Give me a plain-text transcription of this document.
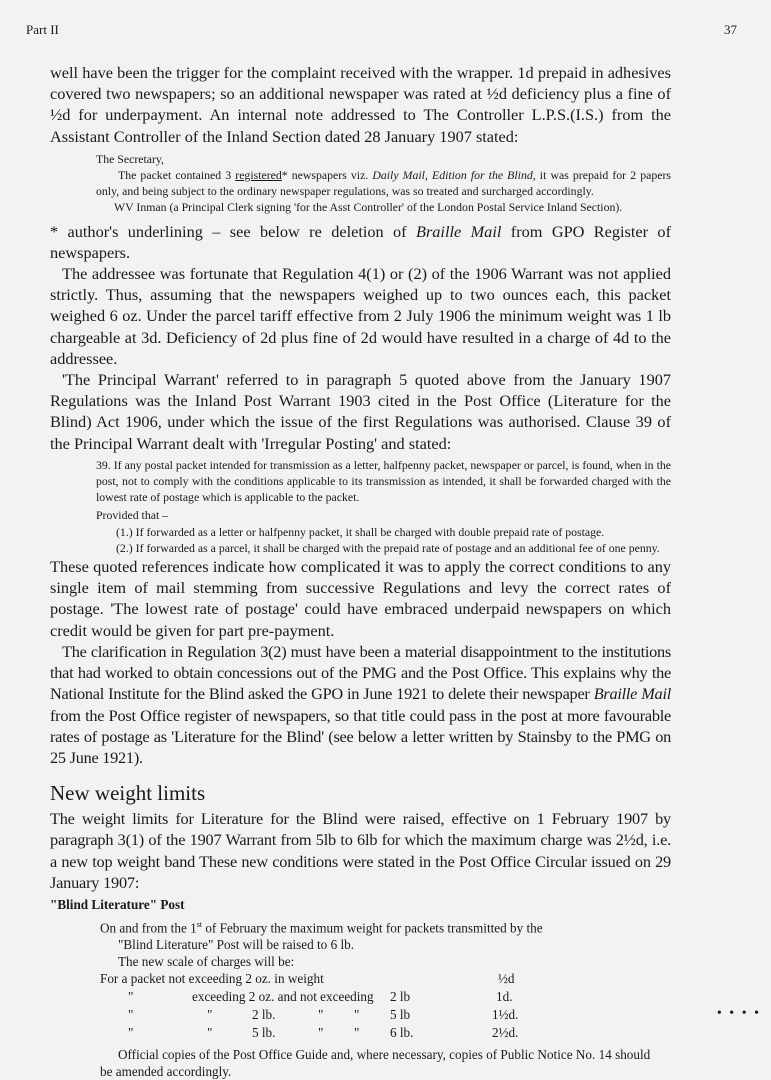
Part II	37

well have been the trigger for the complaint received with the wrapper. 1d prepaid in adhesives covered two newspapers; so an additional newspaper was rated at ½d deficiency plus a fine of ½d for underpayment. An internal note addressed to The Controller L.P.S.(I.S.) from the Assistant Controller of the Inland Section dated 28 January 1907 stated:

The Secretary,

The packet contained 3 registered* newspapers viz. Daily Mail, Edition for the Blind, it was prepaid for 2 papers only, and being subject to the ordinary newspaper regulations, was so treated and surcharged accordingly.

WV Inman (a Principal Clerk signing 'for the Asst Controller' of the London Postal Service Inland Section).

* author's underlining – see below re deletion of Braille Mail from GPO Register of newspapers.

The addressee was fortunate that Regulation 4(1) or (2) of the 1906 Warrant was not applied strictly. Thus, assuming that the newspapers weighed up to two ounces each, this packet weighed 6 oz. Under the parcel tariff effective from 2 July 1906 the minimum weight was 1 lb chargeable at 3d. Deficiency of 2d plus fine of 2d would have resulted in a charge of 4d to the addressee.

'The Principal Warrant' referred to in paragraph 5 quoted above from the January 1907 Regulations was the Inland Post Warrant 1903 cited in the Post Office (Literature for the Blind) Act 1906, under which the issue of the first Regulations was authorised. Clause 39 of the Principal Warrant dealt with 'Irregular Posting' and stated:

39. If any postal packet intended for transmission as a letter, halfpenny packet, newspaper or parcel, is found, when in the post, not to comply with the conditions applicable to its transmission as intended, it shall be forwarded charged with the lowest rate of postage which is applicable to the packet.

Provided that –

(1.) If forwarded as a letter or halfpenny packet, it shall be charged with double prepaid rate of postage.

(2.) If forwarded as a parcel, it shall be charged with the prepaid rate of postage and an additional fee of one penny.

These quoted references indicate how complicated it was to apply the correct conditions to any single item of mail stemming from successive Regulations and levy the correct rates of postage. 'The lowest rate of postage' could have embraced underpaid newspapers on which credit would be given for part pre-payment.

The clarification in Regulation 3(2) must have been a material disappointment to the institutions that had worked to obtain concessions out of the PMG and the Post Office. This explains why the National Institute for the Blind asked the GPO in June 1921 to delete their newspaper Braille Mail from the Post Office register of newspapers, so that title could pass in the post at more favourable rates of postage as 'Literature for the Blind' (see below a letter written by Stainsby to the PMG on 25 June 1921).

New weight limits

The weight limits for Literature for the Blind were raised, effective on 1 February 1907 by paragraph 3(1) of the 1907 Warrant from 5lb to 6lb for which the maximum charge was 2½d, i.e. a new top weight band These new conditions were stated in the Post Office Circular issued on 29 January 1907:

"Blind Literature" Post

On and from the 1st of February the maximum weight for packets transmitted by the

"Blind Literature" Post will be raised to 6 lb.

The new scale of charges will be:

For a packet not exceeding 2 oz. in weight	½d
"	exceeding 2 oz. and not exceeding 2 lb	1d.
"	"	2 lb.	" " 5 lb	1½d.
"	"	5 lb.	" " 6 lb.	2½d.

Official copies of the Post Office Guide and, where necessary, copies of Public Notice No. 14 should be amended accordingly.

• • • •
